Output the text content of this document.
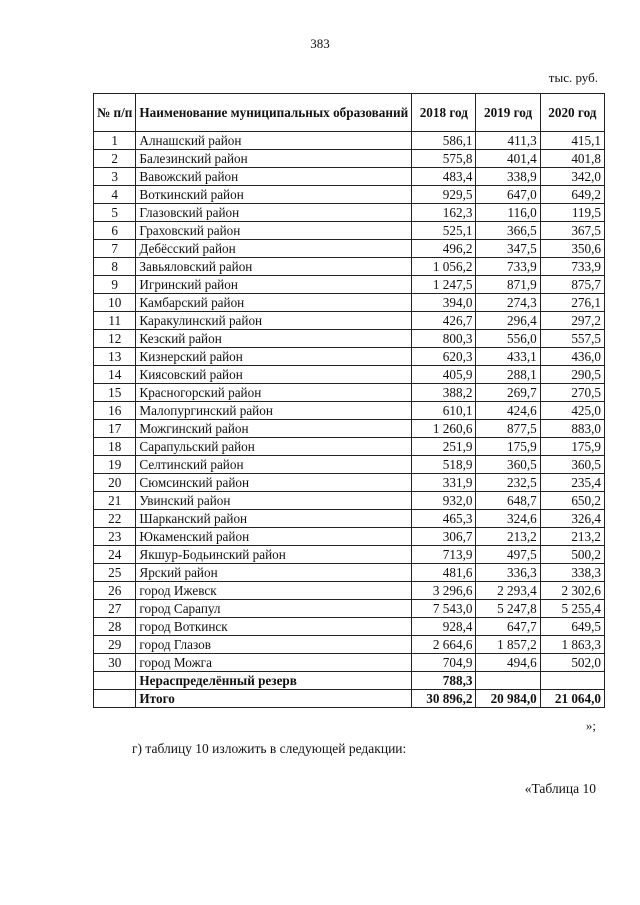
383
тыс. руб.
№ п/п	Наименование муниципальных образований	2018 год	2019 год	2020 год
1	Алнашский район	586,1	411,3	415,1
2	Балезинский район	575,8	401,4	401,8
3	Вавожский район	483,4	338,9	342,0
4	Воткинский район	929,5	647,0	649,2
5	Глазовский район	162,3	116,0	119,5
6	Граховский район	525,1	366,5	367,5
7	Дебёсский район	496,2	347,5	350,6
8	Завьяловский район	1 056,2	733,9	733,9
9	Игринский район	1 247,5	871,9	875,7
10	Камбарский район	394,0	274,3	276,1
11	Каракулинский район	426,7	296,4	297,2
12	Кезский район	800,3	556,0	557,5
13	Кизнерский район	620,3	433,1	436,0
14	Киясовский район	405,9	288,1	290,5
15	Красногорский район	388,2	269,7	270,5
16	Малопургинский район	610,1	424,6	425,0
17	Можгинский район	1 260,6	877,5	883,0
18	Сарапульский район	251,9	175,9	175,9
19	Селтинский район	518,9	360,5	360,5
20	Сюмсинский район	331,9	232,5	235,4
21	Увинский район	932,0	648,7	650,2
22	Шарканский район	465,3	324,6	326,4
23	Юкаменский район	306,7	213,2	213,2
24	Якшур-Бодьинский район	713,9	497,5	500,2
25	Ярский район	481,6	336,3	338,3
26	город Ижевск	3 296,6	2 293,4	2 302,6
27	город Сарапул	7 543,0	5 247,8	5 255,4
28	город Воткинск	928,4	647,7	649,5
29	город Глазов	2 664,6	1 857,2	1 863,3
30	город Можга	704,9	494,6	502,0
	Нераспределённый резерв	788,3		
	Итого	30 896,2	20 984,0	21 064,0
»;
г) таблицу 10 изложить в следующей редакции:
«Таблица 10
